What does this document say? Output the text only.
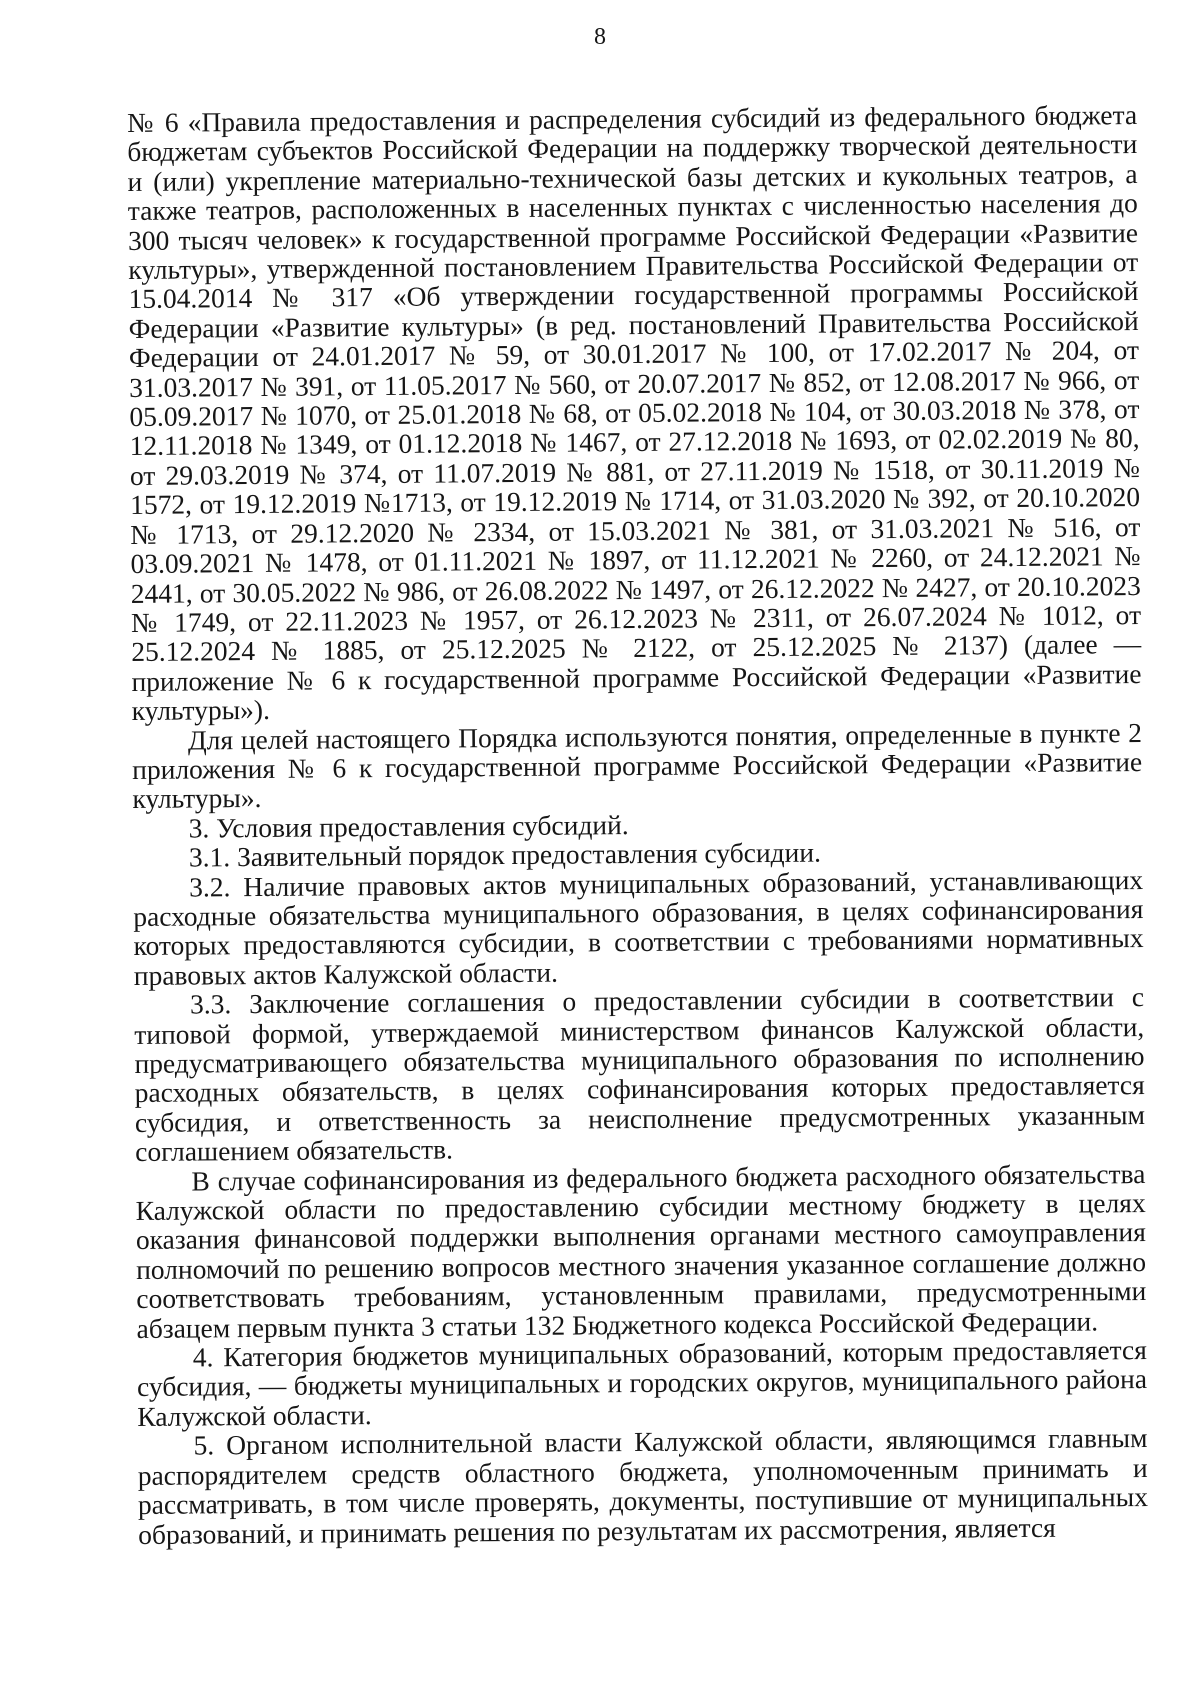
8

№ 6 «Правила предоставления и распределения субсидий из федерального бюджета бюджетам субъектов Российской Федерации на поддержку творческой деятельности и (или) укрепление материально-технической базы детских и кукольных театров, а также театров, расположенных в населенных пунктах с численностью населения до 300 тысяч человек» к государственной программе Российской Федерации «Развитие культуры», утвержденной постановлением Правительства Российской Федерации от 15.04.2014 № 317 «Об утверждении государственной программы Российской Федерации «Развитие культуры» (в ред. постановлений Правительства Российской Федерации от 24.01.2017 № 59, от 30.01.2017 № 100, от 17.02.2017 № 204, от 31.03.2017 № 391, от 11.05.2017 № 560, от 20.07.2017 № 852, от 12.08.2017 № 966, от 05.09.2017 № 1070, от 25.01.2018 № 68, от 05.02.2018 № 104, от 30.03.2018 № 378, от 12.11.2018 № 1349, от 01.12.2018 № 1467, от 27.12.2018 № 1693, от 02.02.2019 № 80, от 29.03.2019 № 374, от 11.07.2019 № 881, от 27.11.2019 № 1518, от 30.11.2019 № 1572, от 19.12.2019 №1713, от 19.12.2019 № 1714, от 31.03.2020 № 392, от 20.10.2020 № 1713, от 29.12.2020 № 2334, от 15.03.2021 № 381, от 31.03.2021 № 516, от 03.09.2021 № 1478, от 01.11.2021 № 1897, от 11.12.2021 № 2260, от 24.12.2021 № 2441, от 30.05.2022 № 986, от 26.08.2022 № 1497, от 26.12.2022 № 2427, от 20.10.2023 № 1749, от 22.11.2023 № 1957, от 26.12.2023 № 2311, от 26.07.2024 № 1012, от 25.12.2024 № 1885, от 25.12.2025 № 2122, от 25.12.2025 № 2137) (далее — приложение № 6 к государственной программе Российской Федерации «Развитие культуры»).

Для целей настоящего Порядка используются понятия, определенные в пункте 2 приложения № 6 к государственной программе Российской Федерации «Развитие культуры».

3. Условия предоставления субсидий.

3.1. Заявительный порядок предоставления субсидии.

3.2. Наличие правовых актов муниципальных образований, устанавливающих расходные обязательства муниципального образования, в целях софинансирования которых предоставляются субсидии, в соответствии с требованиями нормативных правовых актов Калужской области.

3.3. Заключение соглашения о предоставлении субсидии в соответствии с типовой формой, утверждаемой министерством финансов Калужской области, предусматривающего обязательства муниципального образования по исполнению расходных обязательств, в целях софинансирования которых предоставляется субсидия, и ответственность за неисполнение предусмотренных указанным соглашением обязательств.

В случае софинансирования из федерального бюджета расходного обязательства Калужской области по предоставлению субсидии местному бюджету в целях оказания финансовой поддержки выполнения органами местного самоуправления полномочий по решению вопросов местного значения указанное соглашение должно соответствовать требованиям, установленным правилами, предусмотренными абзацем первым пункта 3 статьи 132 Бюджетного кодекса Российской Федерации.

4. Категория бюджетов муниципальных образований, которым предоставляется субсидия, — бюджеты муниципальных и городских округов, муниципального района Калужской области.

5. Органом исполнительной власти Калужской области, являющимся главным распорядителем средств областного бюджета, уполномоченным принимать и рассматривать, в том числе проверять, документы, поступившие от муниципальных образований, и принимать решения по результатам их рассмотрения, является
